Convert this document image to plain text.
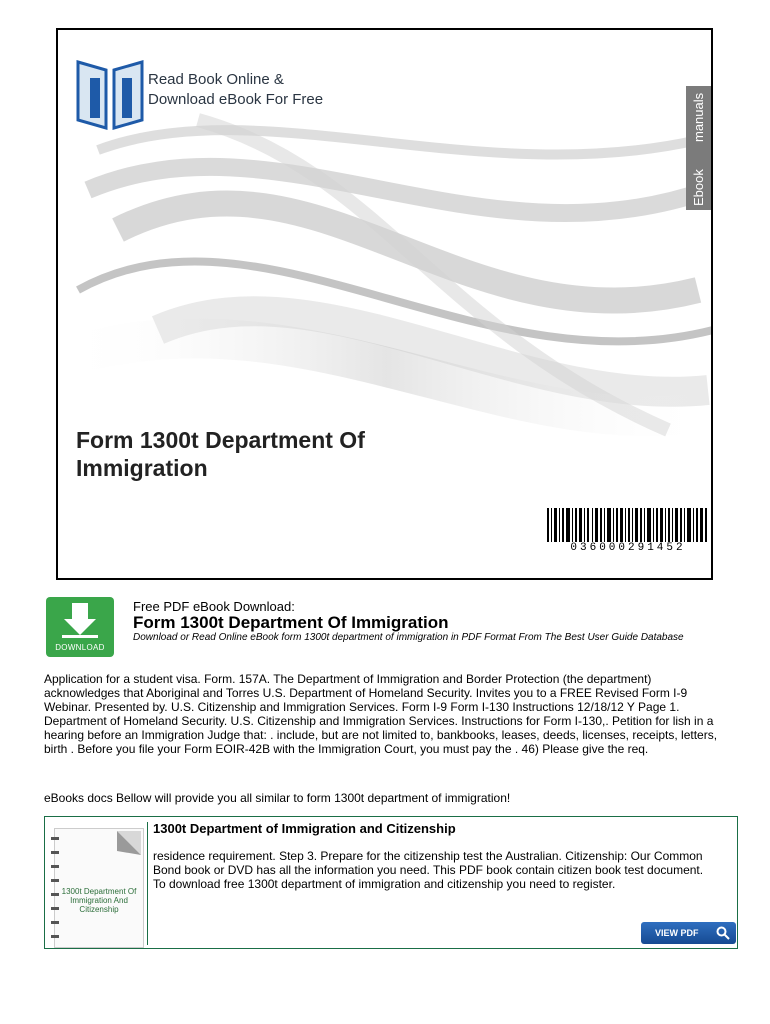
Read Book Online &
Download eBook For Free	manuals
Ebook
Form 1300t Department Of
Immigration
036000291452
DOWNLOAD
Free PDF eBook Download:
Form 1300t Department Of Immigration
Download or Read Online eBook form 1300t department of immigration in PDF Format From The Best User Guide Database
Application for a student visa. Form. 157A. The Department of Immigration and Border Protection (the department) acknowledges that Aboriginal and Torres U.S. Department of Homeland Security. Invites you to a FREE Revised Form I-9 Webinar. Presented by. U.S. Citizenship and Immigration Services. Form I-9 Form I-130 Instructions 12/18/12 Y Page 1. Department of Homeland Security. U.S. Citizenship and Immigration Services. Instructions for Form I-130,. Petition for lish in a hearing before an Immigration Judge that: . include, but are not limited to, bankbooks, leases, deeds, licenses, receipts, letters, birth . Before you file your Form EOIR-42B with the Immigration Court, you must pay the . 46) Please give the req.
eBooks docs Bellow will provide you all similar to form 1300t department of immigration!
1300t Department Of Immigration And Citizenship
1300t Department of Immigration and Citizenship
residence requirement. Step 3. Prepare for the citizenship test the Australian. Citizenship: Our Common Bond book or DVD has all the information you need. This PDF book contain citizen book test document. To download free 1300t department of immigration and citizenship you need to register.
VIEW PDF
